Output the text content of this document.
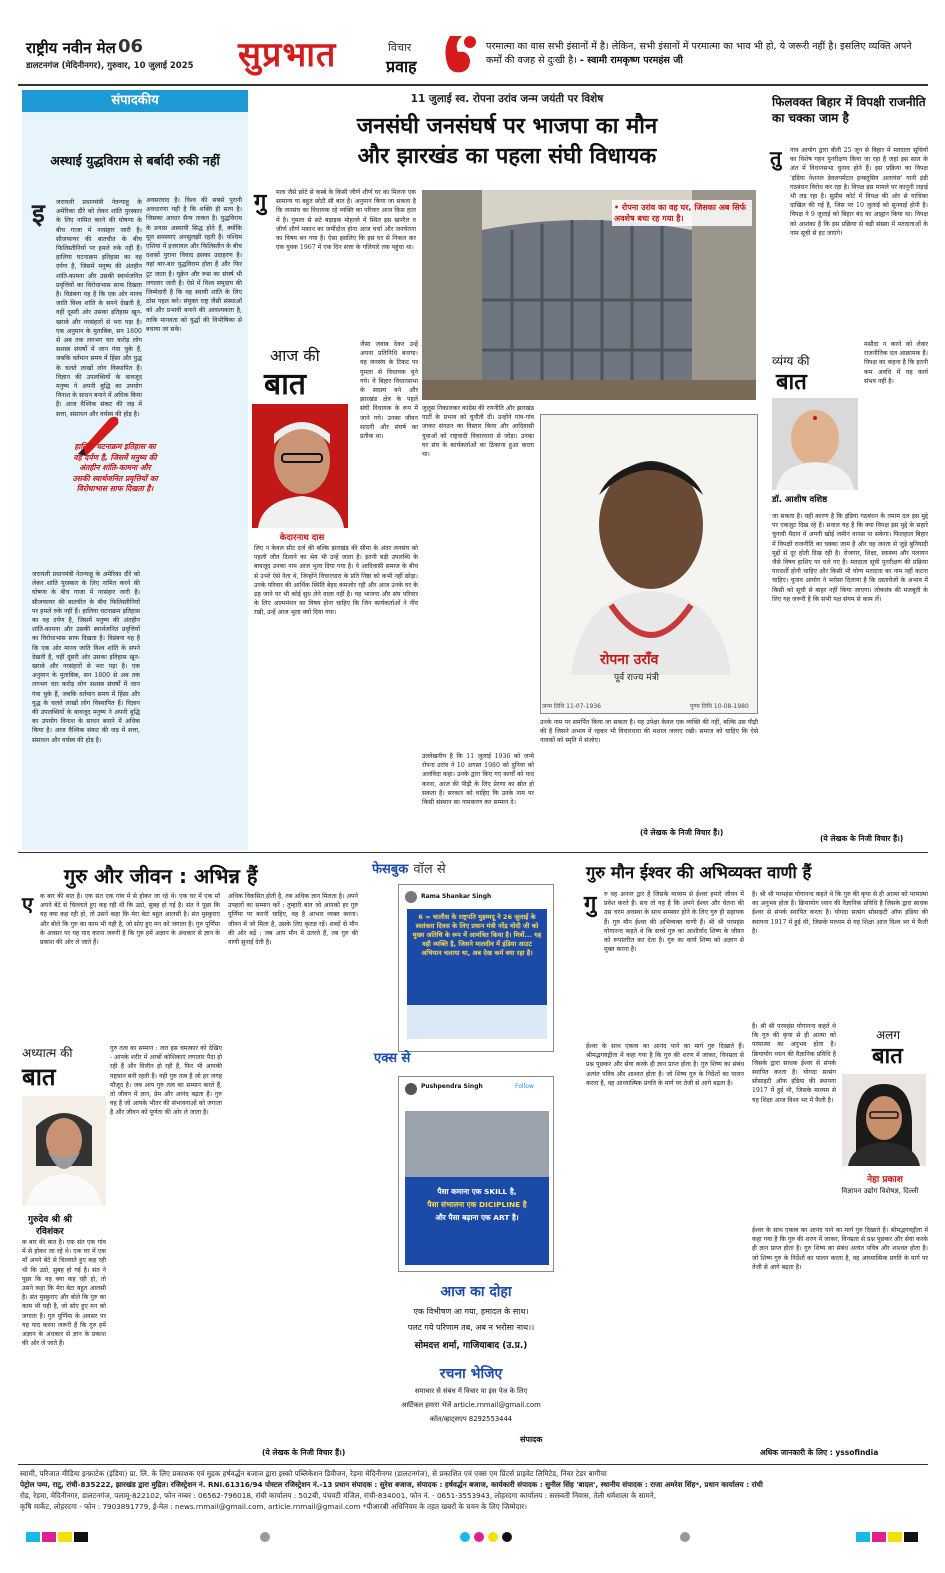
राष्ट्रीय नवीन मेल 06
डालटनगंज (मेदिनीनगर), गुरुवार, 10 जुलाई 2025 सुप्रभात	विचार
प्रवाह
परमात्मा का वास सभी इंसानों में है। लेकिन, सभी इंसानों में परमात्मा का भाव भी हो, ये जरूरी नहीं है। इसलिए व्यक्ति अपने कर्मों की वजह से दुःखी है। - स्वामी रामकृष्ण परमहंस जी
संपादकीय
अस्थाई युद्धविराम से बर्बादी रुकी नहीं
इ जरायली प्रधानमंत्री नेतन्याहू के अमेरिका दौरे को लेकर शांति पुरस्कार के लिए नामित करने की घोषणा के बीच गाजा में नरसंहार जारी है। सीजफायर की बातचीत के बीच फिलिस्तीनियों पर हमले रुके नहीं हैं। हालिया घटनाक्रम इतिहास का वह दर्पण है, जिसमें मनुष्य की अंतहीन शांति-कामना और उसकी स्वार्थजनित प्रवृत्तियों का विरोधाभास साफ दिखता है। विडंबना यह है कि एक ओर मानव जाति विश्व शांति के सपने देखती है, वहीं दूसरी ओर उसका इतिहास खून-खराबे और नरसंहारों से भरा पड़ा है। एक अनुमान के मुताबिक, सन 1800 से अब तक लगभग चार करोड़ लोग सशस्त्र संघर्षों में जान गंवा चुके हैं, जबकि वर्तमान समय में हिंसा और युद्ध के चलते लाखों लोग विस्थापित हैं। विज्ञान की उपलब्धियों के बावजूद मनुष्य ने अपनी बुद्धि का उपयोग विनाश के साधन बनाने में अधिक किया है। आज वैश्विक संकट की जड़ में सत्ता, संसाधन और वर्चस्व की होड़ है।
हालिया घटनाक्रम इतिहास का वह दर्पण है, जिसमें मनुष्य की अंतहीन शांति-कामना और उसकी स्वार्थजनित प्रवृत्तियों का विरोधाभास साफ दिखता है।
अवसरवाद है। विश्व की सबसे पुरानी अवधारणा यही है कि शक्ति ही सत्य है। जिसका आधार सैन्य ताकत है। युद्धविराम के प्रयास अस्थायी सिद्ध होते हैं, क्योंकि मूल समस्याएं अनसुलझी रहती हैं। पश्चिम एशिया में इजरायल और फिलिस्तीन के बीच दशकों पुराना विवाद इसका उदाहरण है। वहां बार-बार युद्धविराम होता है और फिर टूट जाता है। यूक्रेन और रूस का संघर्ष भी लगातार जारी है। ऐसे में विश्व समुदाय की जिम्मेदारी है कि वह स्थायी शांति के लिए ठोस पहल करे। संयुक्त राष्ट्र जैसी संस्थाओं को और प्रभावी बनाने की आवश्यकता है, ताकि मानवता को युद्धों की विभीषिका से बचाया जा सके।
जरायली प्रधानमंत्री नेतन्याहू के अमेरिका दौरे को लेकर शांति पुरस्कार के लिए नामित करने की घोषणा के बीच गाजा में नरसंहार जारी है। सीजफायर की बातचीत के बीच फिलिस्तीनियों पर हमले रुके नहीं हैं। हालिया घटनाक्रम इतिहास का वह दर्पण है, जिसमें मनुष्य की अंतहीन शांति-कामना और उसकी स्वार्थजनित प्रवृत्तियों का विरोधाभास साफ दिखता है। विडंबना यह है कि एक ओर मानव जाति विश्व शांति के सपने देखती है, वहीं दूसरी ओर उसका इतिहास खून-खराबे और नरसंहारों से भरा पड़ा है। एक अनुमान के मुताबिक, सन 1800 से अब तक लगभग चार करोड़ लोग सशस्त्र संघर्षों में जान गंवा चुके हैं, जबकि वर्तमान समय में हिंसा और युद्ध के चलते लाखों लोग विस्थापित हैं। विज्ञान की उपलब्धियों के बावजूद मनुष्य ने अपनी बुद्धि का उपयोग विनाश के साधन बनाने में अधिक किया है। आज वैश्विक संकट की जड़ में सत्ता, संसाधन और वर्चस्व की होड़ है।
11 जुलाई स्व. रोपना उरांव जन्म जयंती पर विशेष
जनसंघी जनसंघर्ष पर भाजपा का मौन
और झारखंड का पहला संघी विधायक
गु मला जैसे छोटे से कस्बे के किसी जीर्ण शीर्ण घर का मिलना एक सामान्य या बहुत छोटी सी बात है। अनुमान किया जा सकता है कि जनसंघ का विधायक रहे व्यक्ति का परिवार आज किस हाल में है। गुमला से सटे बड़ाइक मोहल्ले में स्थित इस खपरैल व जीर्ण शीर्ण मकान का जमींदोज होना आज चर्चा और जनचेतना का विषय बन गया है। ऐसा इसलिए कि इस घर से निकल कर एक युवक 1967 में एक दिन सत्ता के गलियारे तक पहुंचा था।
आज की
बात
केदारनाथ दास
जैसा जवाब देकर उन्हें अपना प्रतिनिधि बनाया। वह जनसंघ के टिकट पर गुमला से विधायक चुने गये। वे बिहार विधानसभा के सदस्य बने और झारखंड क्षेत्र के पहले संघी विधायक के रूप में जाने गये। उनका जीवन सादगी और संघर्ष का प्रतीक था।
लिए न केवल सीट दर्ज की बल्कि झारखंड की सीमा के अंदर जनसंघ को पहली जीत दिलाने का श्रेय भी उन्हें जाता है। इतनी बड़ी उपलब्धि के बावजूद उनका नाम आज भुला दिया गया है। वे आदिवासी समाज के बीच से उभरे ऐसे नेता थे, जिन्होंने विचारधारा के प्रति निष्ठा को कभी नहीं छोड़ा। उनके परिवार की आर्थिक स्थिति बेहद कमजोर रही और आज उनके घर के ढह जाने पर भी कोई सुध लेने वाला नहीं है। यह भाजपा और संघ परिवार के लिए आत्ममंथन का विषय होना चाहिए कि जिन कार्यकर्ताओं ने नींव रखी, उन्हें आज भुला क्यों दिया गया।
• रोपना उरांव का वह घर, जिसका अब सिर्फ अवशेष बचा रह गया है।
जुलूस निकालकर कांग्रेस की रणनीति और झारखंड पार्टी के प्रभाव को चुनौती दी। उन्होंने गांव-गांव जाकर संगठन का विस्तार किया और आदिवासी युवाओं को राष्ट्रवादी विचारधारा से जोड़ा। उनका घर संघ के कार्यकर्ताओं का ठिकाना हुआ करता था।
रोपना उराँव
पूर्व राज्य मंत्री
जन्म तिथि 11-07-1936	पुण्य तिथि 10-08-1980
उल्लेखनीय है कि 11 जुलाई 1936 को जन्मे रोपना उरांव ने 10 अगस्त 1980 को दुनिया को अलविदा कहा। उनके द्वारा किए गए कार्यों को याद करना, आज की पीढ़ी के लिए प्रेरणा का स्रोत हो सकता है। सरकार को चाहिए कि उनके नाम पर किसी संस्थान का नामकरण कर सम्मान दे।
उनके नाम पर समर्पित किया जा सकता है। यह उपेक्षा केवल एक व्यक्ति की नहीं, बल्कि उस पीढ़ी की है जिसने अभाव में रहकर भी विचारधारा की मशाल जलाए रखी। समाज को चाहिए कि ऐसे नायकों को स्मृति में संजोए।
(ये लेखक के निजी विचार हैं।)
फिलवक्त बिहार में विपक्षी राजनीति का चक्का जाम है
तु नाव आयोग द्वारा बीती 25 जून से बिहार में मतदाता सूचियों का विशेष गहन पुनरीक्षण किया जा रहा है जहां इस साल के अंत में विधानसभा चुनाव होने हैं। इस प्रक्रिया का विपक्ष 'इंडिया नेशनल डेवलपमेंटल इन्क्लूसिव अलायंस' यानी इंडी गठबंधन विरोध कर रहा है। विपक्ष इस मामले पर कानूनी लड़ाई भी लड़ रहा है। सुप्रीम कोर्ट में विपक्ष की ओर से याचिका दाखिल की गई है, जिस पर 10 जुलाई को सुनवाई होनी है। विपक्ष ने 9 जुलाई को बिहार बंद का आह्वान किया था। विपक्ष को आशंका है कि इस प्रक्रिया से बड़ी संख्या में मतदाताओं के नाम सूची से हट जाएंगे।
व्यंग्य की
बात
डॉ. आशीष वशिष्ठ
मसौदा न करने को लेकर राजनीतिक दल आक्रामक हैं। विपक्ष का कहना है कि इतनी कम अवधि में यह कार्य संभव नहीं है।
जा सकता है। यही कारण है कि इंडिया गठबंधन के तमाम दल इस मुद्दे पर एकजुट दिख रहे हैं। सवाल यह है कि क्या विपक्ष इस मुद्दे के सहारे चुनावी मैदान में अपनी खोई जमीन वापस पा सकेगा। फिलहाल बिहार में विपक्षी राजनीति का चक्का जाम है और वह जनता से जुड़े बुनियादी मुद्दों से दूर होती दिख रही है। रोजगार, शिक्षा, स्वास्थ्य और पलायन जैसे विषय हाशिए पर चले गए हैं। मतदाता सूची पुनरीक्षण की प्रक्रिया पारदर्शी होनी चाहिए और किसी भी योग्य मतदाता का नाम नहीं कटना चाहिए। चुनाव आयोग ने भरोसा दिलाया है कि दस्तावेजों के अभाव में किसी को सूची से बाहर नहीं किया जाएगा। लोकतंत्र की मजबूती के लिए यह जरूरी है कि सभी पक्ष संयम से काम लें।
(ये लेखक के निजी विचार हैं।)
गुरु और जीवन : अभिन्न हैं
ए क बार की बात है। एक संत एक गांव में से होकर जा रहे थे। एक घर में एक माँ अपने बेटे से चिल्लाते हुए कह रही थी कि उठो, सुबह हो गई है। संत ने पूछा कि यह क्या कह रही हो, तो उसने कहा कि मेरा बेटा बहुत आलसी है। संत मुस्कुराए और बोले कि गुरु का काम भी यही है, जो सोए हुए मन को जगाता है। गुरु पूर्णिमा के अवसर पर यह याद करना जरूरी है कि गुरु हमें अज्ञान के अंधकार से ज्ञान के प्रकाश की ओर ले जाते हैं।
अध्यात्म की
बात
गुरुदेव श्री श्री
रविशंकर
गुरु तत्व का सम्मान : जरा इस चमत्कार को देखिए - आपके शरीर में अरबों कोशिकाएं लगातार पैदा हो रही हैं और विलीन हो रही हैं, फिर भी आपकी पहचान बनी रहती है। यही गुरु तत्व है जो हर जगह मौजूद है। जब आप गुरु तत्व का सम्मान करते हैं, तो जीवन में ज्ञान, प्रेम और आनंद बढ़ता है। गुरु वह है जो आपके भीतर की संभावनाओं को जगाता है और जीवन को पूर्णता की ओर ले जाता है।
क बार की बात है। एक संत एक गांव में से होकर जा रहे थे। एक घर में एक माँ अपने बेटे से चिल्लाते हुए कह रही थी कि उठो, सुबह हो गई है। संत ने पूछा कि यह क्या कह रही हो, तो उसने कहा कि मेरा बेटा बहुत आलसी है। संत मुस्कुराए और बोले कि गुरु का काम भी यही है, जो सोए हुए मन को जगाता है। गुरु पूर्णिमा के अवसर पर यह याद करना जरूरी है कि गुरु हमें अज्ञान के अंधकार से ज्ञान के प्रकाश की ओर ले जाते हैं।
अधिक विकसित होती है, तब अधिक ज्ञान मिलता है। अपने उपहारों का सम्मान करें : तुम्हारी बात जो आपको हर गुरु पूर्णिमा पर करनी चाहिए, वह है आभार व्यक्त करना। जीवन में जो मिला है, उसके लिए कृतज्ञ रहें। शब्दों से मौन की ओर बढ़ें : जब आप मौन में उतरते हैं, तब गुरु की वाणी सुनाई देती है।
(ये लेखक के निजी विचार हैं।)
फेसबुक वॉल से
Rama Shankar Singh
6 = चालीस के राष्ट्रपति मुहम्मदू ने 26 जुलाई के स्वतंत्रता दिवस के लिए प्रधान मंत्री नरेंद्र मोदी जी को मुख्य अतिथि के रूप में आमंत्रित किया है। मित्रों... यह वही व्यक्ति है, जिसने मालदीव में इंडिया आउट अभियान चलाया था, अब देख कर्म क्या रहा है।
एक्स से
Pushpendra Singh	Follow
पैसा कमाना एक SKILL है,
पैसा संभालना एक DICIPLINE है
और पैसा बढ़ाना एक ART है।
आज का दोहा
एक विभीषण आ गया, हमादल के साथ।
पलट गये परिणाम तब, अब न भरोसा नाथ।।
सोमदत्त शर्मा, गाजियाबाद (उ.प्र.)
रचना भेजिए
समाचार से संबंध में विचार या इंस पेज के लिए
आर्टिकल हमारा भेजें article.rnmail@gmail.com
कॉल/व्हाट्सएप 8292553444
संपादक
गुरु मौन ईश्वर की अभिव्यक्त वाणी हैं
गु रु वह अनन्त द्वार है जिसके माध्यम से ईश्वर हमारे जीवन में प्रवेश करते हैं। सच तो यह है कि अपने ईश्वर और चेतना की उस चरम अवस्था के साथ समस्वर होने के लिए गुरु ही सहायक हैं। गुरु मौन ईश्वर की अभिव्यक्त वाणी हैं। श्री श्री परमहंस योगानन्द कहते थे कि सच्चे गुरु का आशीर्वाद शिष्य के जीवन को रूपांतरित कर देता है। गुरु का कार्य शिष्य को अज्ञान से मुक्त करना है।
ईश्वर के साथ एकत्व का आनंद पाने का मार्ग गुरु दिखाते हैं। श्रीमद्भगवद्गीता में कहा गया है कि गुरु की शरण में जाकर, विनम्रता से प्रश्न पूछकर और सेवा करके ही ज्ञान प्राप्त होता है। गुरु शिष्य का संबंध अत्यंत पवित्र और शाश्वत होता है। जो शिष्य गुरु के निर्देशों का पालन करता है, वह आध्यात्मिक प्रगति के मार्ग पर तेजी से आगे बढ़ता है।
है। श्री श्री परमहंस योगानन्द कहते थे कि गुरु की कृपा से ही आत्मा को परमात्मा का अनुभव होता है। क्रियायोग ध्यान की वैज्ञानिक प्रविधि है जिसके द्वारा साधक ईश्वर से संपर्क स्थापित करता है। योगदा सत्संग सोसाइटी ऑफ इंडिया की स्थापना 1917 में हुई थी, जिसके माध्यम से यह शिक्षा आज विश्व भर में फैली है।
अलग
बात
नेहा प्रकाश
विज्ञापन उद्योग विशेषज्ञ, दिल्ली
है। श्री श्री परमहंस योगानन्द कहते थे कि गुरु की कृपा से ही आत्मा को परमात्मा का अनुभव होता है। क्रियायोग ध्यान की वैज्ञानिक प्रविधि है जिसके द्वारा साधक ईश्वर से संपर्क स्थापित करता है। योगदा सत्संग सोसाइटी ऑफ इंडिया की स्थापना 1917 में हुई थी, जिसके माध्यम से यह शिक्षा आज विश्व भर में फैली है।
ईश्वर के साथ एकत्व का आनंद पाने का मार्ग गुरु दिखाते हैं। श्रीमद्भगवद्गीता में कहा गया है कि गुरु की शरण में जाकर, विनम्रता से प्रश्न पूछकर और सेवा करके ही ज्ञान प्राप्त होता है। गुरु शिष्य का संबंध अत्यंत पवित्र और शाश्वत होता है। जो शिष्य गुरु के निर्देशों का पालन करता है, वह आध्यात्मिक प्रगति के मार्ग पर तेजी से आगे बढ़ता है।
अधिक जानकारी के लिए : yssofindia
स्वामी, परिजात मीडिया इन्फ्राटेक (इंडिया) प्रा. लि. के लिए प्रकाशक एवं मुद्रक हर्षवर्द्धन बजाज द्वारा इस्को पब्लिकेशन डिवीजन, रेड़मा मेदिनीनगर (डालटनगंज), से प्रकाशित एवं एक्स एम प्रिंटर्स प्राइवेट लिमिटेड, निवर टेडर बागीचा
पेट्रोल पम्प, राटू, रांची-835222, झारखंड द्वारा मुद्रित। रजिस्ट्रेशन नं. RNI.61316/94 पोस्टल रजिस्ट्रेशन नं.-13 प्रधान संपादक : सुरेश बजाज, संपादक : हर्षवर्द्धन बजाज, कार्यकारी संपादक : सुनील सिंह 'बादल', स्थानीय संपादक : राजा अमरेश सिंह*, प्रधान कार्यालय : रांची
रोड, रेड़मा, मेदिनीनगर, डालटनगंज, पलामू-822102, फोन नम्बर : 06562-796018, रांची कार्यालय : 502बी, पंचवटी मंजिल, रांची-834001, फोन नं. - 0651-3553943, लोहरदगा कार्यालय : सरस्वती निवास, तेली धर्मशाला के सामने,
कृषि मार्केट, लोहरदगा - फोन : 7903891779, ई-मेल : news.rnmail@gmail.com, article.rnmail@gmail.com *पीआरबी अधिनियम के तहत खबरों के चयन के लिए जिम्मेदार।
